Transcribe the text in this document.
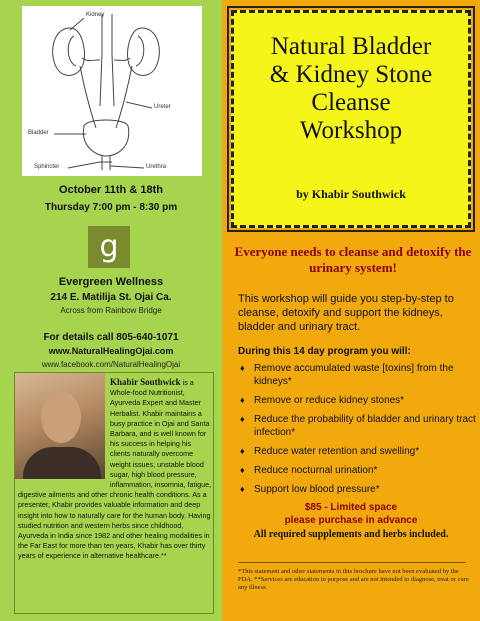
Kidney
Ureter
Bladder
Sphincter	Urethra
October 11th & 18th
Thursday 7:00 pm - 8:30 pm
g
Evergreen Wellness
214 E. Matilija St. Ojai Ca.
Across from Rainbow Bridge
For details call 805-640-1071
www.NaturalHealingOjai.com
www.facebook.com/NaturalHealingOjai
Khabir Southwick is a Whole-food Nutritionist, Ayurveda Expert and Master Herbalist. Khabir maintains a busy practice in Ojai and Santa Barbara, and is well known for his success in helping his clients naturally overcome weight issues, unstable blood sugar, high blood pressure, inflammation, insomnia, fatigue, digestive ailments and other chronic health conditions. As a presenter, Khabir provides valuable information and deep insight into how to naturally care for the human body. Having studied nutrition and western herbs since childhood, Ayurveda in India since 1982 and other healing modalities in the Far East for more than ten years, Khabir has over thirty years of experience in alternative healthcare.**
Natural Bladder
& Kidney Stone
Cleanse
Workshop
by Khabir Southwick
Everyone needs to cleanse and detoxify the urinary system!
This workshop will guide you step-by-step to cleanse, detoxify and support the kidneys, bladder and urinary tract.
During this 14 day program you will:
♦ Remove accumulated waste [toxins] from the kidneys*
♦ Remove or reduce kidney stones*
♦ Reduce the probability of bladder and urinary tract infection*
♦ Reduce water retention and swelling*
♦ Reduce nocturnal urination*
♦ Support low blood pressure*
$85 - Limited space
please purchase in advance
All required supplements and herbs included.
*This statement and other statements in this brochure have not been evaluated by the FDA. **Services are education in purpose and are not intended to diagnose, treat or cure any illness.
